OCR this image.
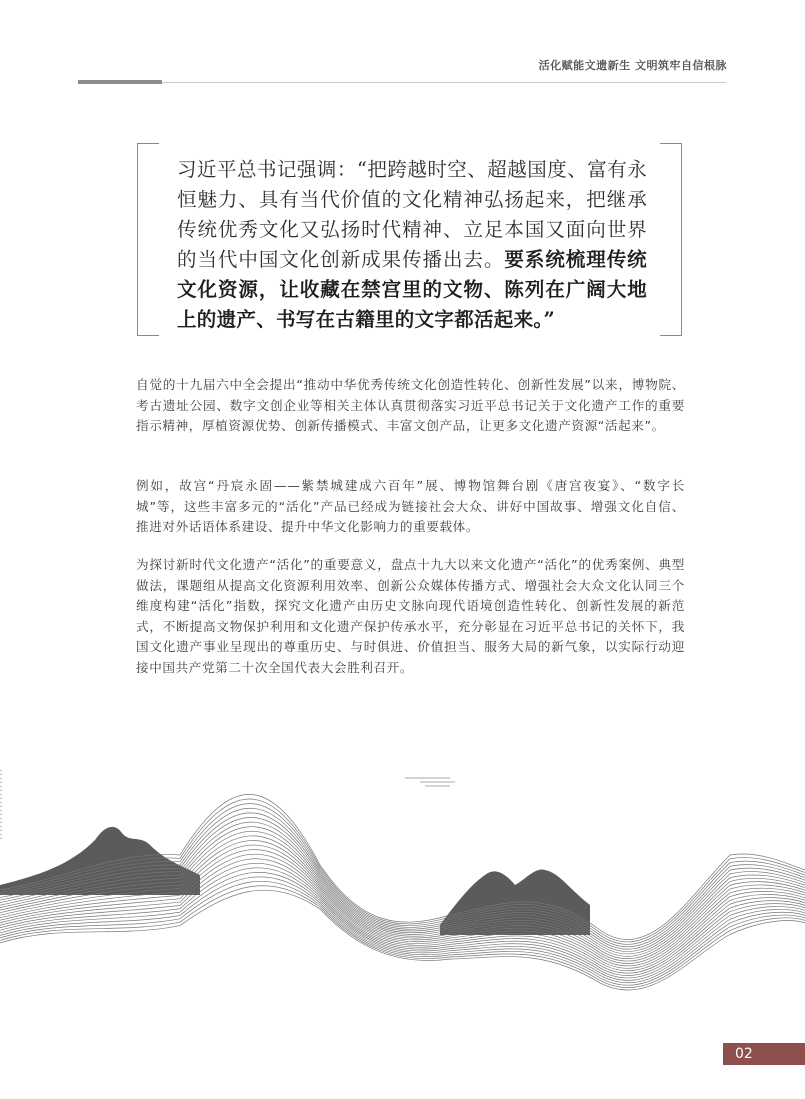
活化赋能文遗新生 文明筑牢自信根脉
习近平总书记强调：“把跨越时空、超越国度、富有永恒魅力、具有当代价值的文化精神弘扬起来，把继承传统优秀文化又弘扬时代精神、立足本国又面向世界的当代中国文化创新成果传播出去。要系统梳理传统文化资源，让收藏在禁宫里的文物、陈列在广阔大地上的遗产、书写在古籍里的文字都活起来。”

自觉的十九届六中全会提出“推动中华优秀传统文化创造性转化、创新性发展”以来，博物院、考古遗址公园、数字文创企业等相关主体认真贯彻落实习近平总书记关于文化遗产工作的重要指示精神，厚植资源优势、创新传播模式、丰富文创产品，让更多文化遗产资源“活起来”。

例如，故宫“丹宸永固——紫禁城建成六百年”展、博物馆舞台剧《唐宫夜宴》、“数字长城”等，这些丰富多元的“活化”产品已经成为链接社会大众、讲好中国故事、增强文化自信、推进对外话语体系建设、提升中华文化影响力的重要载体。

为探讨新时代文化遗产“活化”的重要意义，盘点十九大以来文化遗产“活化”的优秀案例、典型做法，课题组从提高文化资源利用效率、创新公众媒体传播方式、增强社会大众文化认同三个维度构建“活化”指数，探究文化遗产由历史文脉向现代语境创造性转化、创新性发展的新范式，不断提高文物保护利用和文化遗产保护传承水平，充分彰显在习近平总书记的关怀下，我国文化遗产事业呈现出的尊重历史、与时俱进、价值担当、服务大局的新气象，以实际行动迎接中国共产党第二十次全国代表大会胜利召开。

02
